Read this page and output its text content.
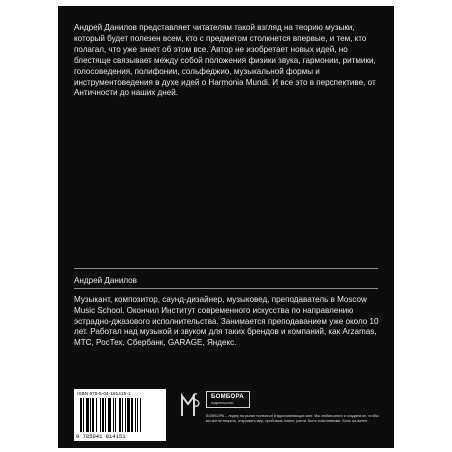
Андрей Данилов представляет читателям такой взгляд на теорию музыки, который будет полезен всем, кто с предметом столкнется впервые, и тем, кто полагал, что уже знает об этом все. Автор не изобретает новых идей, но блестяще связывает между собой положения физики звука, гармонии, ритмики, голосоведения, полифонии, сольфеджио, музыкальной формы и инструментоведения в духе идей о Harmonia Mundi. И все это в перспективе, от Античности до наших дней.

Андрей Данилов

Музыкант, композитор, саунд-дизайнер, музыковед, преподаватель в Moscow Music School. Окончил Институт современного искусства по направлению эстрадно-джазового исполнительства. Занимается преподаванием уже около 10 лет. Работал над музыкой и звуком для таких брендов и компаний, как Arzamas, МТС, РосТех, Сбербанк, GARAGE, Яндекс.

ISBN 978-5-04-181415-1
9 785041 814151
БОМБОРА
издательство

БОМБОРА – лидер на рынке полезных и вдохновляющих книг. Мы любим книги и создаем их, чтобы вы могли творить, открывать мир, пробовать новое, расти. Быть счастливыми. Быть на волне.
